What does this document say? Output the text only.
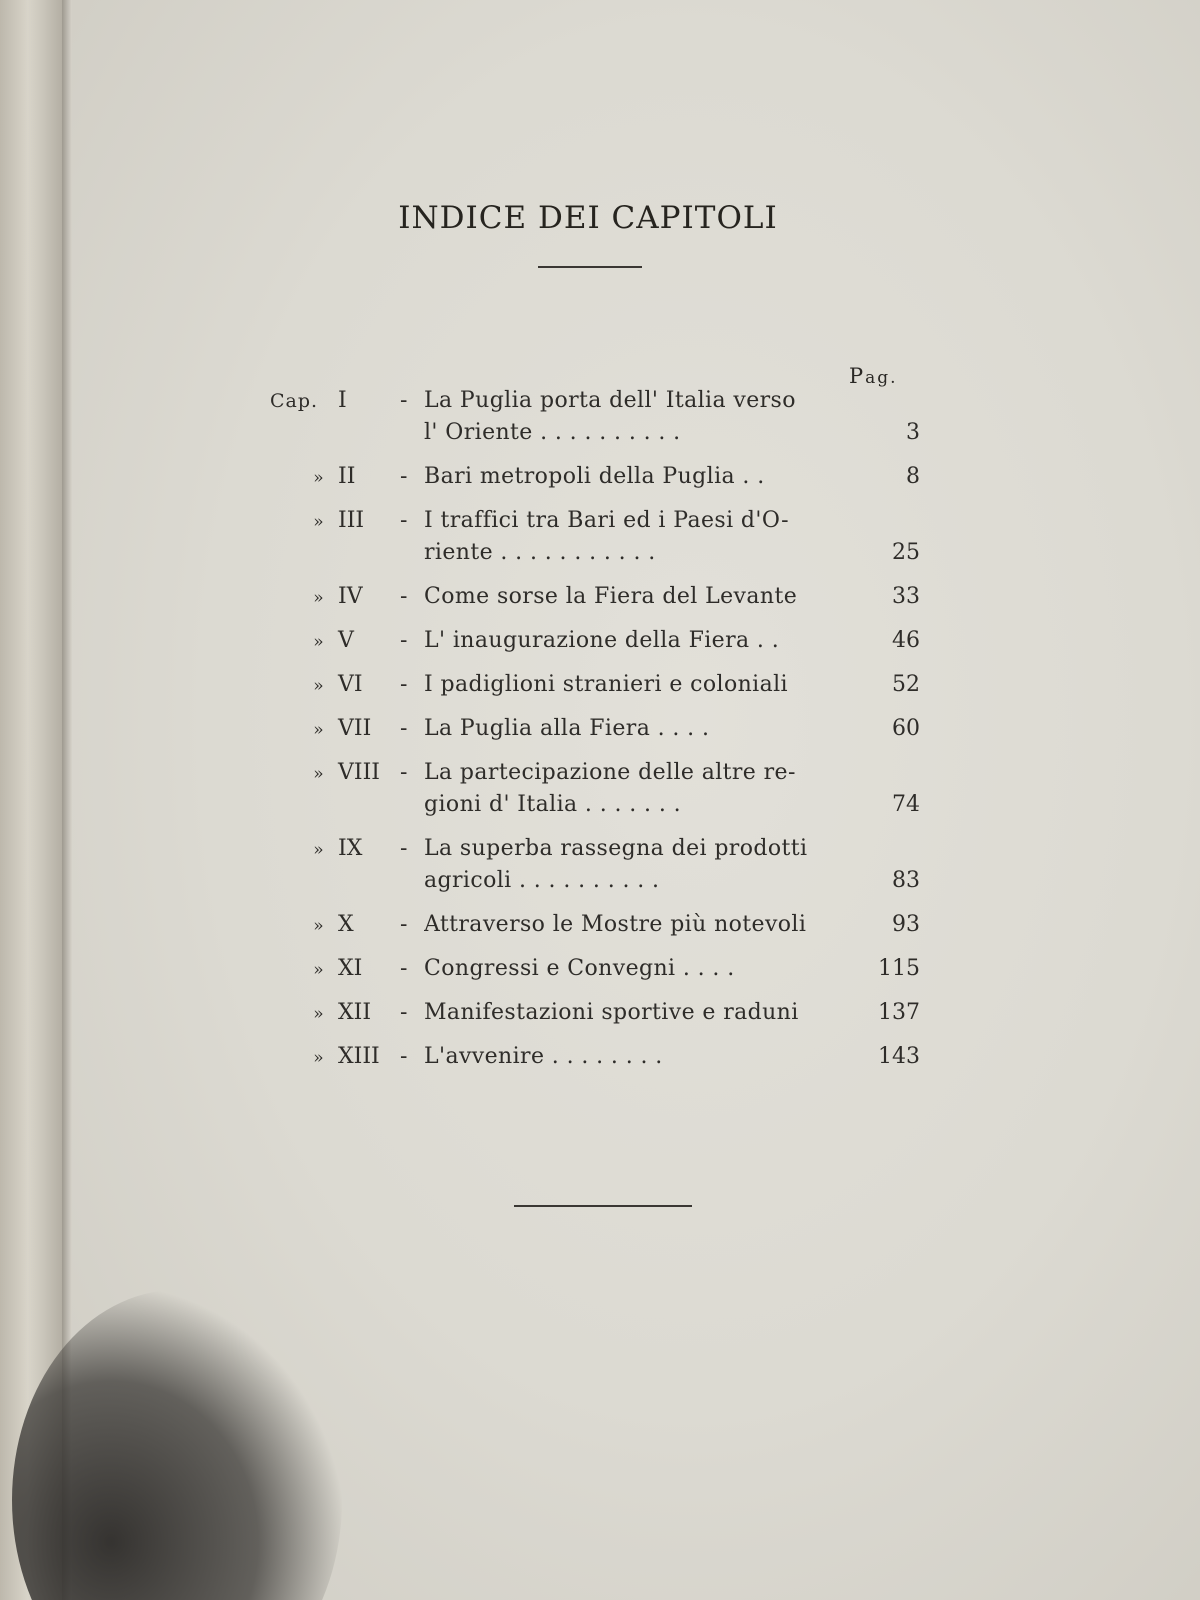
INDICE DEI CAPITOLI
Pag.
Cap. I	- La Puglia porta dell' Italia verso
l' Oriente . . . . . . . . . .	3
» II	- Bari metropoli della Puglia . .	8
» III	- I traffici tra Bari ed i Paesi d'O-
riente . . . . . . . . . . .	25
» IV	- Come sorse la Fiera del Levante	33
» V	- L' inaugurazione della Fiera . .	46
» VI	- I padiglioni stranieri e coloniali	52
» VII	- La Puglia alla Fiera . . . .	60
» VIII - La partecipazione delle altre re-
gioni d' Italia . . . . . . .	74
» IX	- La superba rassegna dei prodotti
agricoli . . . . . . . . . .	83
» X	- Attraverso le Mostre più notevoli	93
» XI	- Congressi e Convegni . . . .	115
» XII	- Manifestazioni sportive e raduni	137
» XIII - L'avvenire . . . . . . . .	143
